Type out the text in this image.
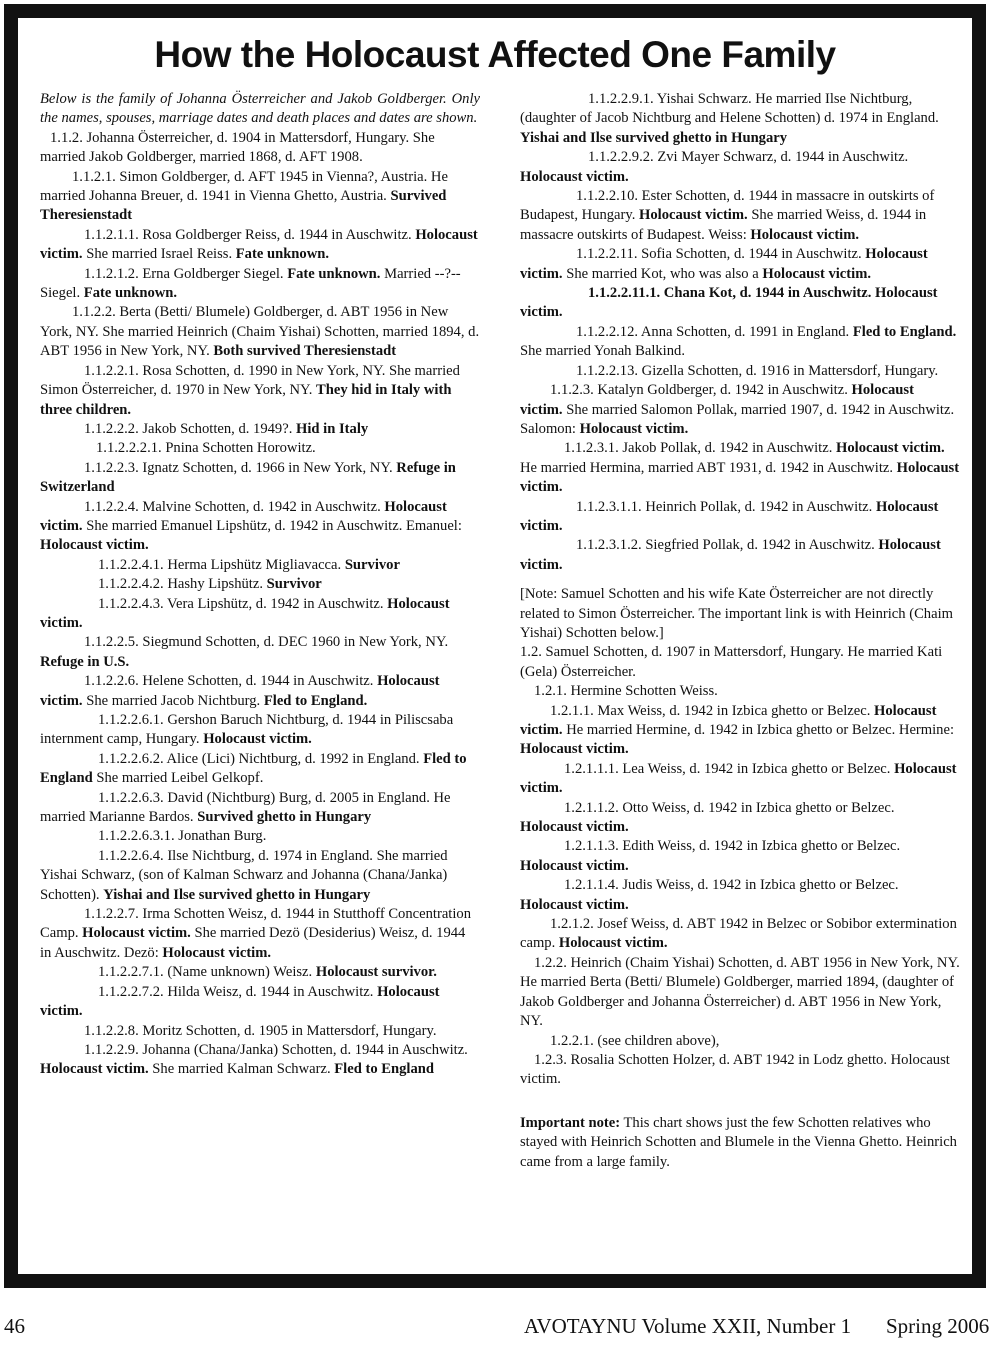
How the Holocaust Affected One Family

Below is the family of Johanna Österreicher and Jakob Goldberger. Only the names, spouses, marriage dates and death places and dates are shown.

1.1.2. Johanna Österreicher, d. 1904 in Mattersdorf, Hungary. She married Jakob Goldberger, married 1868, d. AFT 1908.

1.1.2.1. Simon Goldberger, d. AFT 1945 in Vienna?, Austria. He married Johanna Breuer, d. 1941 in Vienna Ghetto, Austria. Survived Theresienstadt

1.1.2.1.1. Rosa Goldberger Reiss, d. 1944 in Auschwitz. Holocaust victim. She married Israel Reiss. Fate unknown.

1.1.2.1.2. Erna Goldberger Siegel. Fate unknown. Married --?-- Siegel. Fate unknown.

1.1.2.2. Berta (Betti/ Blumele) Goldberger, d. ABT 1956 in New York, NY. She married Heinrich (Chaim Yishai) Schotten, married 1894, d. ABT 1956 in New York, NY. Both survived Theresienstadt

1.1.2.2.1. Rosa Schotten, d. 1990 in New York, NY. She married Simon Österreicher, d. 1970 in New York, NY. They hid in Italy with three children.

1.1.2.2.2. Jakob Schotten, d. 1949?. Hid in Italy

1.1.2.2.2.1. Pnina Schotten Horowitz.

1.1.2.2.3. Ignatz Schotten, d. 1966 in New York, NY. Refuge in Switzerland

1.1.2.2.4. Malvine Schotten, d. 1942 in Auschwitz. Holocaust victim. She married Emanuel Lipshütz, d. 1942 in Auschwitz. Emanuel: Holocaust victim.

1.1.2.2.4.1. Herma Lipshütz Migliavacca. Survivor

1.1.2.2.4.2. Hashy Lipshütz. Survivor

1.1.2.2.4.3. Vera Lipshütz, d. 1942 in Auschwitz. Holocaust victim.

1.1.2.2.5. Siegmund Schotten, d. DEC 1960 in New York, NY. Refuge in U.S.

1.1.2.2.6. Helene Schotten, d. 1944 in Auschwitz. Holocaust victim. She married Jacob Nichtburg. Fled to England.

1.1.2.2.6.1. Gershon Baruch Nichtburg, d. 1944 in Piliscsaba internment camp, Hungary. Holocaust victim.

1.1.2.2.6.2. Alice (Lici) Nichtburg, d. 1992 in England. Fled to England She married Leibel Gelkopf.

1.1.2.2.6.3. David (Nichtburg) Burg, d. 2005 in England. He married Marianne Bardos. Survived ghetto in Hungary

1.1.2.2.6.3.1. Jonathan Burg.

1.1.2.2.6.4. Ilse Nichtburg, d. 1974 in England. She married Yishai Schwarz, (son of Kalman Schwarz and Johanna (Chana/Janka) Schotten). Yishai and Ilse survived ghetto in Hungary

1.1.2.2.7. Irma Schotten Weisz, d. 1944 in Stutthoff Concentration Camp. Holocaust victim. She married Dezö (Desiderius) Weisz, d. 1944 in Auschwitz. Dezö: Holocaust victim.

1.1.2.2.7.1. (Name unknown) Weisz. Holocaust survivor.

1.1.2.2.7.2. Hilda Weisz, d. 1944 in Auschwitz. Holocaust victim.

1.1.2.2.8. Moritz Schotten, d. 1905 in Mattersdorf, Hungary.

1.1.2.2.9. Johanna (Chana/Janka) Schotten, d. 1944 in Auschwitz. Holocaust victim. She married Kalman Schwarz. Fled to England

1.1.2.2.9.1. Yishai Schwarz. He married Ilse Nichtburg, (daughter of Jacob Nichtburg and Helene Schotten) d. 1974 in England. Yishai and Ilse survived ghetto in Hungary

1.1.2.2.9.2. Zvi Mayer Schwarz, d. 1944 in Auschwitz. Holocaust victim.

1.1.2.2.10. Ester Schotten, d. 1944 in massacre in outskirts of Budapest, Hungary. Holocaust victim. She married Weiss, d. 1944 in massacre outskirts of Budapest. Weiss: Holocaust victim.

1.1.2.2.11. Sofia Schotten, d. 1944 in Auschwitz. Holocaust victim. She married Kot, who was also a Holocaust victim.

1.1.2.2.11.1. Chana Kot, d. 1944 in Auschwitz. Holocaust victim.

1.1.2.2.12. Anna Schotten, d. 1991 in England. Fled to England. She married Yonah Balkind.

1.1.2.2.13. Gizella Schotten, d. 1916 in Mattersdorf, Hungary.

1.1.2.3. Katalyn Goldberger, d. 1942 in Auschwitz. Holocaust victim. She married Salomon Pollak, married 1907, d. 1942 in Auschwitz. Salomon: Holocaust victim.

1.1.2.3.1. Jakob Pollak, d. 1942 in Auschwitz. Holocaust victim. He married Hermina, married ABT 1931, d. 1942 in Auschwitz. Holocaust victim.

1.1.2.3.1.1. Heinrich Pollak, d. 1942 in Auschwitz. Holocaust victim.

1.1.2.3.1.2. Siegfried Pollak, d. 1942 in Auschwitz. Holocaust victim.

[Note: Samuel Schotten and his wife Kate Österreicher are not directly related to Simon Österreicher. The important link is with Heinrich (Chaim Yishai) Schotten below.]

1.2. Samuel Schotten, d. 1907 in Mattersdorf, Hungary. He married Kati (Gela) Österreicher.

1.2.1. Hermine Schotten Weiss.

1.2.1.1. Max Weiss, d. 1942 in Izbica ghetto or Belzec. Holocaust victim. He married Hermine, d. 1942 in Izbica ghetto or Belzec. Hermine: Holocaust victim.

1.2.1.1.1. Lea Weiss, d. 1942 in Izbica ghetto or Belzec. Holocaust victim.

1.2.1.1.2. Otto Weiss, d. 1942 in Izbica ghetto or Belzec. Holocaust victim.

1.2.1.1.3. Edith Weiss, d. 1942 in Izbica ghetto or Belzec. Holocaust victim.

1.2.1.1.4. Judis Weiss, d. 1942 in Izbica ghetto or Belzec. Holocaust victim.

1.2.1.2. Josef Weiss, d. ABT 1942 in Belzec or Sobibor extermination camp. Holocaust victim.

1.2.2. Heinrich (Chaim Yishai) Schotten, d. ABT 1956 in New York, NY. He married Berta (Betti/ Blumele) Goldberger, married 1894, (daughter of Jakob Goldberger and Johanna Österreicher) d. ABT 1956 in New York, NY.

1.2.2.1. (see children above),

1.2.3. Rosalia Schotten Holzer, d. ABT 1942 in Lodz ghetto. Holocaust victim.

Important note: This chart shows just the few Schotten relatives who stayed with Heinrich Schotten and Blumele in the Vienna Ghetto. Heinrich came from a large family.

46	AVOTAYNU Volume XXII, Number 1 Spring 2006
